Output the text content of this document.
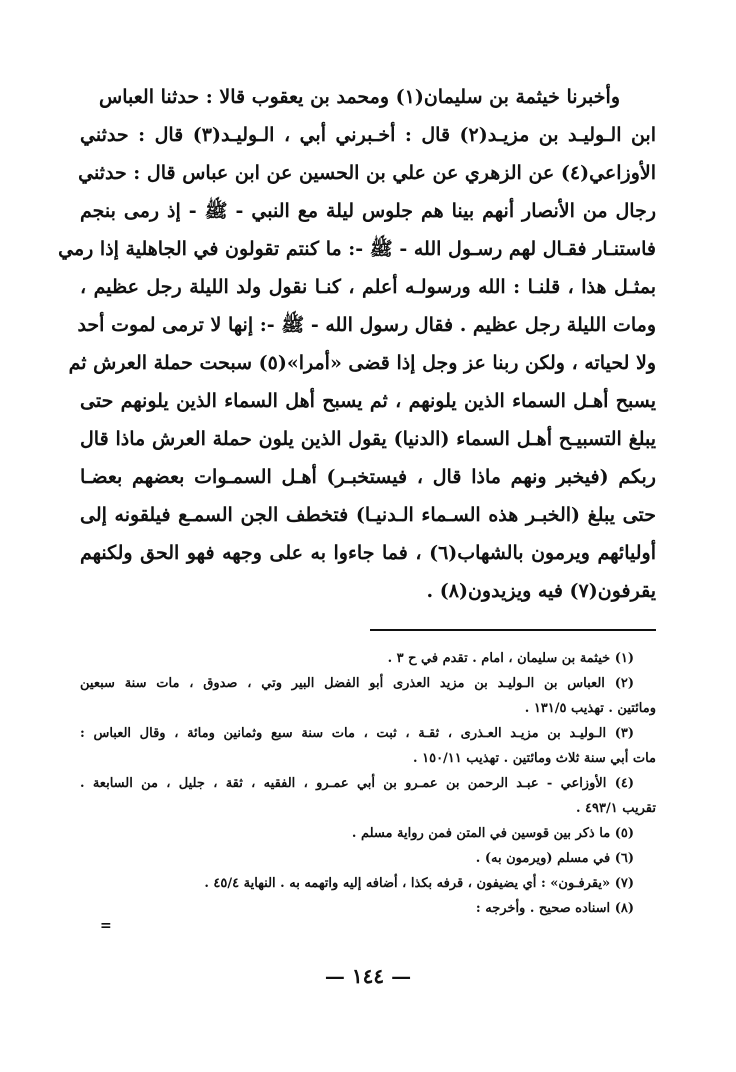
وأخبرنا خيثمة بن سليمان(١) ومحمد بن يعقوب قالا : حدثنا العباس
ابن الـوليـد بن مزيـد(٢) قال : أخـبرني أبي ، الـوليـد(٣) قال : حدثني
الأوزاعي(٤) عن الزهري عن علي بن الحسين عن ابن عباس قال : حدثني
رجال من الأنصار أنهم بينا هم جلوس ليلة مع النبي - ﷺ - إذ رمى بنجم
فاستنـار فقـال لهم رسـول الله - ﷺ -: ما كنتم تقولون في الجاهلية إذا رمي
بمثـل هذا ، قلنـا : الله ورسولـه أعلم ، كنـا نقول ولد الليلة رجل عظيم ،
ومات الليلة رجل عظيم . فقال رسول الله - ﷺ -: إنها لا ترمى لموت أحد
ولا لحياته ، ولكن ربنا عز وجل إذا قضى «أمرا»(٥) سبحت حملة العرش ثم
يسبح أهـل السماء الذين يلونهم ، ثم يسبح أهل السماء الذين يلونهم حتى
يبلغ التسبيـح أهـل السماء (الدنيا) يقول الذين يلون حملة العرش ماذا قال
ربكم (فيخبر ونهم ماذا قال ، فيستخبـر) أهـل السمـوات بعضهم بعضـا
حتى يبلغ (الخبـر هذه السـماء الـدنيـا) فتخطف الجن السمـع فيلقونه إلى
أوليائهم ويرمون بالشهاب(٦) ، فما جاءوا به على وجهه فهو الحق ولكنهم
يقرفون(٧) فيه ويزيدون(٨) .
(١) خيثمة بن سليمان ، امام . تقدم في ح ٣ .
(٢) العباس بن الـوليـد بن مزيد العذرى أبو الفضل البير وتي ، صدوق ، مات سنة سبعين
ومائتين . تهذيب ١٣١/٥ .
(٣) الـوليـد بن مزيـد العـذرى ، ثقـة ، ثبت ، مات سنة سبع وثمانين ومائة ، وقال العباس :
مات أبي سنة ثلاث ومائتين . تهذيب ١٥٠/١١ .
(٤) الأوزاعي - عبـد الرحمن بن عمـرو بن أبي عمـرو ، الفقيه ، ثقة ، جليل ، من السابعة .
تقريب ٤٩٣/١ .
(٥) ما ذكر بين قوسين في المتن فمن رواية مسلم .
(٦) في مسلم (ويرمون به) .
(٧) «يقرفـون» : أي يضيفون ، قرفه بكذا ، أضافه إليه واتهمه به . النهاية ٤٥/٤ .
(٨) اسناده صحيح . وأخرجه :
=
— ١٤٤ —
